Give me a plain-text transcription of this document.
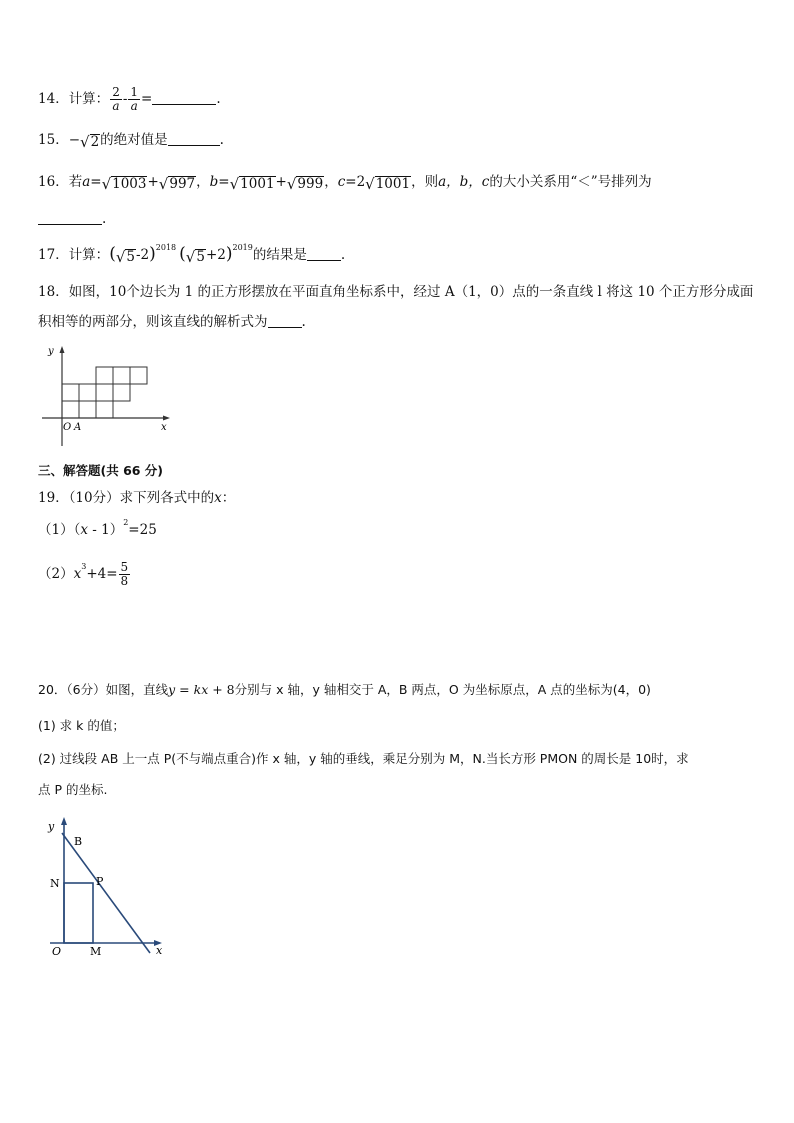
14．计算： $\frac{2}{a} - \frac{1}{a}$ =	.
15．− √ 2 的绝对值是	.
16．若a= √ 1003 + √ 997 ，b= √ 1001 + √ 999 ，c=2 √ 1001 ，则a，b，c的大小关系用“＜”号排列为
.
17．计算：( √ 5 -2)$^{2018}$ ( √ 5 +2)$^{2019}$的结果是	.
18．如图，10个边长为 1 的正方形摆放在平面直角坐标系中，经过 A（1，0）点的一条直线 l 将这 10 个正方形分成面
积相等的两部分，则该直线的解析式为	.
y
x
O A
三、解答题(共 66 分)
19．（10分）求下列各式中的x：
（1）（x - 1）$^2$=25
$(2)x^3+4= \frac{5}{8}$
20．（6分）如图，直线y = kx + 8分别与 x 轴，y 轴相交于 A，B 两点，O 为坐标原点，A 点的坐标为(4，0)
(1) 求 k 的值；
(2) 过线段 AB 上一点 P(不与端点重合)作 x 轴，y 轴的垂线，乘足分别为 M，N.当长方形 PMON 的周长是 10时，求
点 P 的坐标.
y
x
O
B
N	P
M
